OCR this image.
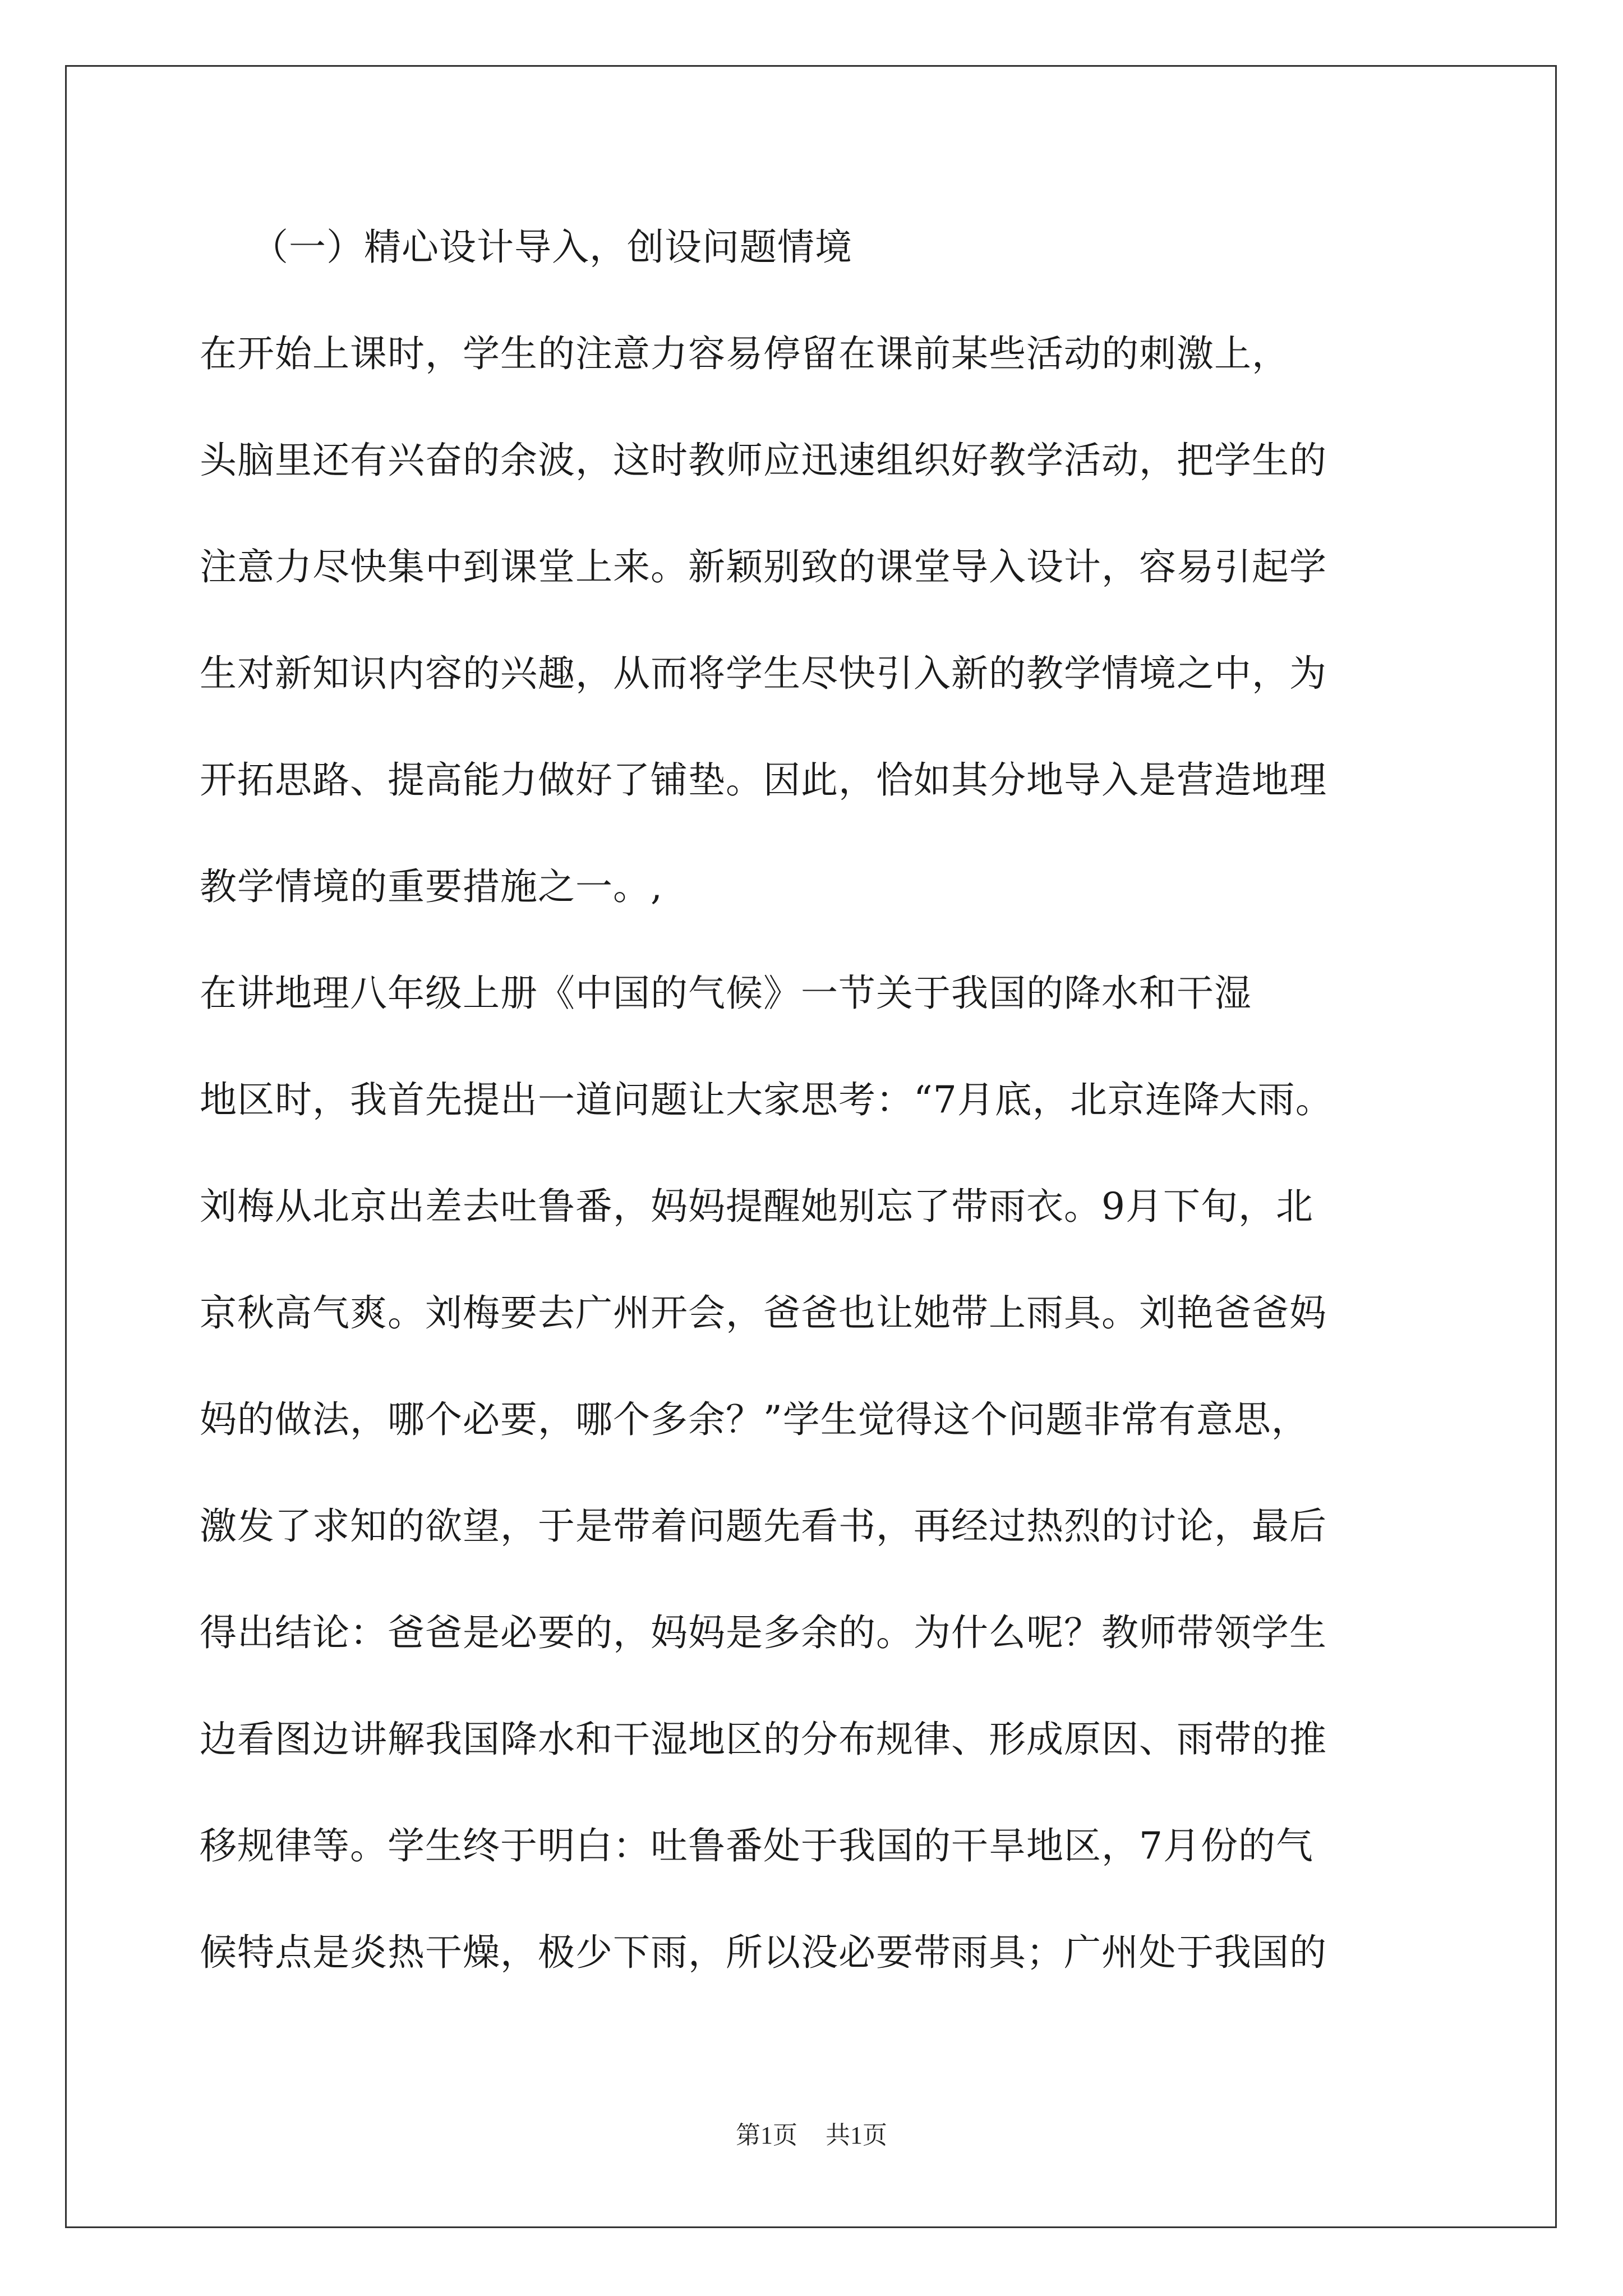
（一）精心设计导入，创设问题情境
在开始上课时，学生的注意力容易停留在课前某些活动的刺激上，
头脑里还有兴奋的余波，这时教师应迅速组织好教学活动，把学生的
注意力尽快集中到课堂上来。新颖别致的课堂导入设计，容易引起学
生对新知识内容的兴趣，从而将学生尽快引入新的教学情境之中，为
开拓思路、提高能力做好了铺垫。因此，恰如其分地导入是营造地理
教学情境的重要措施之一。,
在讲地理八年级上册《中国的气候》一节关于我国的降水和干湿
地区时，我首先提出一道问题让大家思考：“7月底，北京连降大雨。
刘梅从北京出差去吐鲁番，妈妈提醒她别忘了带雨衣。9月下旬，北
京秋高气爽。刘梅要去广州开会，爸爸也让她带上雨具。刘艳爸爸妈
妈的做法，哪个必要，哪个多余？”学生觉得这个问题非常有意思，
激发了求知的欲望，于是带着问题先看书，再经过热烈的讨论，最后
得出结论：爸爸是必要的，妈妈是多余的。为什么呢？教师带领学生
边看图边讲解我国降水和干湿地区的分布规律、形成原因、雨带的推
移规律等。学生终于明白：吐鲁番处于我国的干旱地区，7月份的气
候特点是炎热干燥，极少下雨，所以没必要带雨具；广州处于我国的
第1页 共1页
